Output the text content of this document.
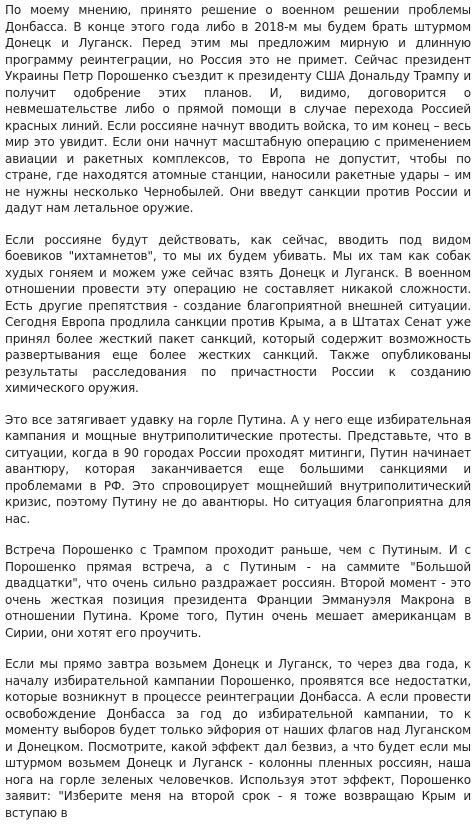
По моему мнению, принято решение о военном решении проблемы Донбасса. В конце этого года либо в 2018-м мы будем брать штурмом Донецк и Луганск. Перед этим мы предложим мирную и длинную программу реинтеграции, но Россия это не примет. Сейчас президент Украины Петр Порошенко съездит к президенту США Дональду Трампу и получит одобрение этих планов. И, видимо, договорится о невмешательстве либо о прямой помощи в случае перехода Россией красных линий. Если россияне начнут вводить войска, то им конец – весь мир это увидит. Если они начнут масштабную операцию с применением авиации и ракетных комплексов, то Европа не допустит, чтобы по стране, где находятся атомные станции, наносили ракетные удары – им не нужны несколько Чернобылей. Они введут санкции против России и дадут нам летальное оружие.

Если россияне будут действовать, как сейчас, вводить под видом боевиков "ихтамнетов", то мы их будем убивать. Мы их там как собак худых гоняем и можем уже сейчас взять Донецк и Луганск. В военном отношении провести эту операцию не составляет никакой сложности. Есть другие препятствия - создание благоприятной внешней ситуации. Сегодня Европа продлила санкции против Крыма, а в Штатах Сенат уже принял более жесткий пакет санкций, который содержит возможность развертывания еще более жестких санкций. Также опубликованы результаты расследования по причастности России к созданию химического оружия.

Это все затягивает удавку на горле Путина. А у него еще избирательная кампания и мощные внутриполитические протесты. Представьте, что в ситуации, когда в 90 городах России проходят митинги, Путин начинает авантюру, которая заканчивается еще большими санкциями и проблемами в РФ. Это спровоцирует мощнейший внутриполитический кризис, поэтому Путину не до авантюры. Но ситуация благоприятна для нас.

Встреча Порошенко с Трампом проходит раньше, чем с Путиным. И с Порошенко прямая встреча, а с Путиным - на саммите "Большой двадцатки", что очень сильно раздражает россиян. Второй момент - это очень жесткая позиция президента Франции Эммануэля Макрона в отношении Путина. Кроме того, Путин очень мешает американцам в Сирии, они хотят его проучить.

Если мы прямо завтра возьмем Донецк и Луганск, то через два года, к началу избирательной кампании Порошенко, проявятся все недостатки, которые возникнут в процессе реинтеграции Донбасса. А если провести освобождение Донбасса за год до избирательной кампании, то к моменту выборов будет только эйфория от наших флагов над Луганском и Донецком. Посмотрите, какой эффект дал безвиз, а что будет если мы штурмом возьмем Донецк и Луганск - колонны пленных россиян, наша нога на горле зеленых человечков. Используя этот эффект, Порошенко заявит: "Изберите меня на второй срок - я тоже возвращаю Крым и вступаю в
